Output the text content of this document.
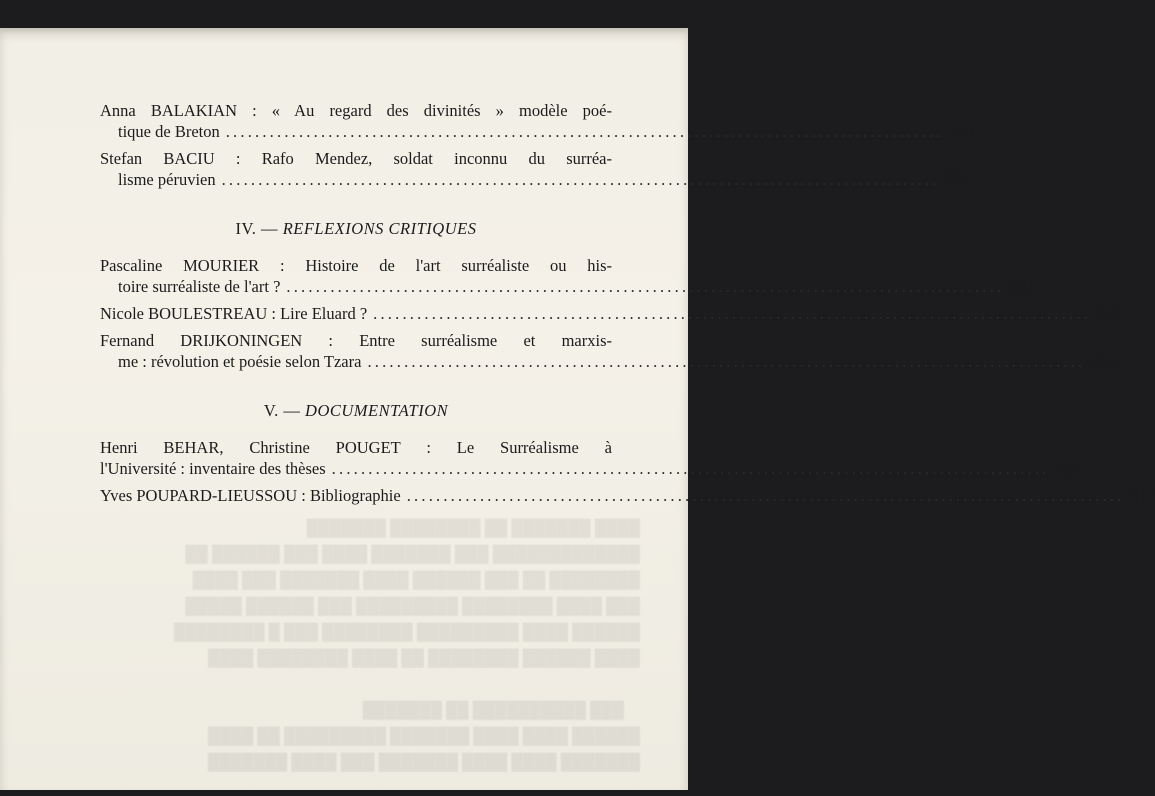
████ ███████ ██ ████████ ███████
█████████████ ███ ███████ ████ ███ ██████ ██
████████ ██ ███ ██████ ████ ███████ ███ ████
███ ████ ████████ █████████ ███ ██████ █████
██████ ████ █████████ ████████ ███ █ ████████
████ ██████ ████████ ██ ████ ████████ ████

███ ██████████ ██ ███████
██████ ████ ████ ███████ █████████ ██ ████
███████ ████ ████ ███████ ███ ████ ███████
Anna BALAKIAN : « Au regard des divinités » modèle poé-
tique de Breton .................................................................................................. 213
Stefan BACIU : Rafo Mendez, soldat inconnu du surréa-
lisme péruvien .................................................................................................. 221
IV. — REFLEXIONS CRITIQUES
Pascaline MOURIER : Histoire de l'art surréaliste ou his-
toire surréaliste de l'art ? .................................................................................................. 231
Nicole BOULESTREAU : Lire Eluard ? .................................................................................................. 256
Fernand DRIJKONINGEN : Entre surréalisme et marxis-
me : révolution et poésie selon Tzara .................................................................................................. 265
V. — DOCUMENTATION
Henri BEHAR, Christine POUGET : Le Surréalisme à
l'Université : inventaire des thèses .................................................................................................. 283
Yves POUPARD-LIEUSSOU : Bibliographie .................................................................................................. 317
